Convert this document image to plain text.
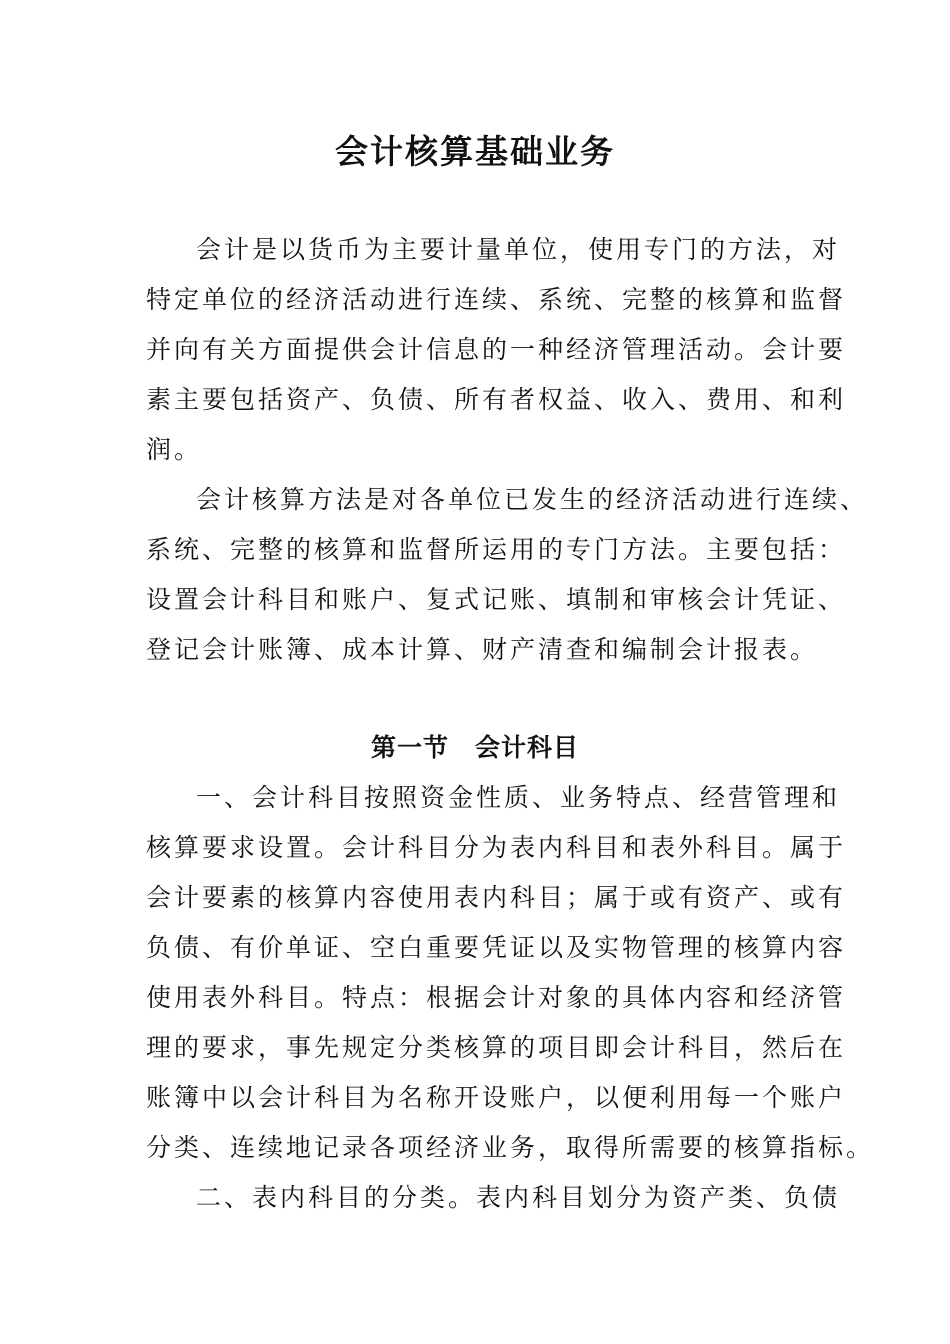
会计核算基础业务
会计是以货币为主要计量单位，使用专门的方法，对
特定单位的经济活动进行连续、系统、完整的核算和监督
并向有关方面提供会计信息的一种经济管理活动。会计要
素主要包括资产、负债、所有者权益、收入、费用、和利
润。
会计核算方法是对各单位已发生的经济活动进行连续、
系统、完整的核算和监督所运用的专门方法。主要包括：
设置会计科目和账户、复式记账、填制和审核会计凭证、
登记会计账簿、成本计算、财产清查和编制会计报表。
第一节　会计科目
一、会计科目按照资金性质、业务特点、经营管理和
核算要求设置。会计科目分为表内科目和表外科目。属于
会计要素的核算内容使用表内科目；属于或有资产、或有
负债、有价单证、空白重要凭证以及实物管理的核算内容
使用表外科目。特点：根据会计对象的具体内容和经济管
理的要求，事先规定分类核算的项目即会计科目，然后在
账簿中以会计科目为名称开设账户，以便利用每一个账户
分类、连续地记录各项经济业务，取得所需要的核算指标。
二、表内科目的分类。表内科目划分为资产类、负债
